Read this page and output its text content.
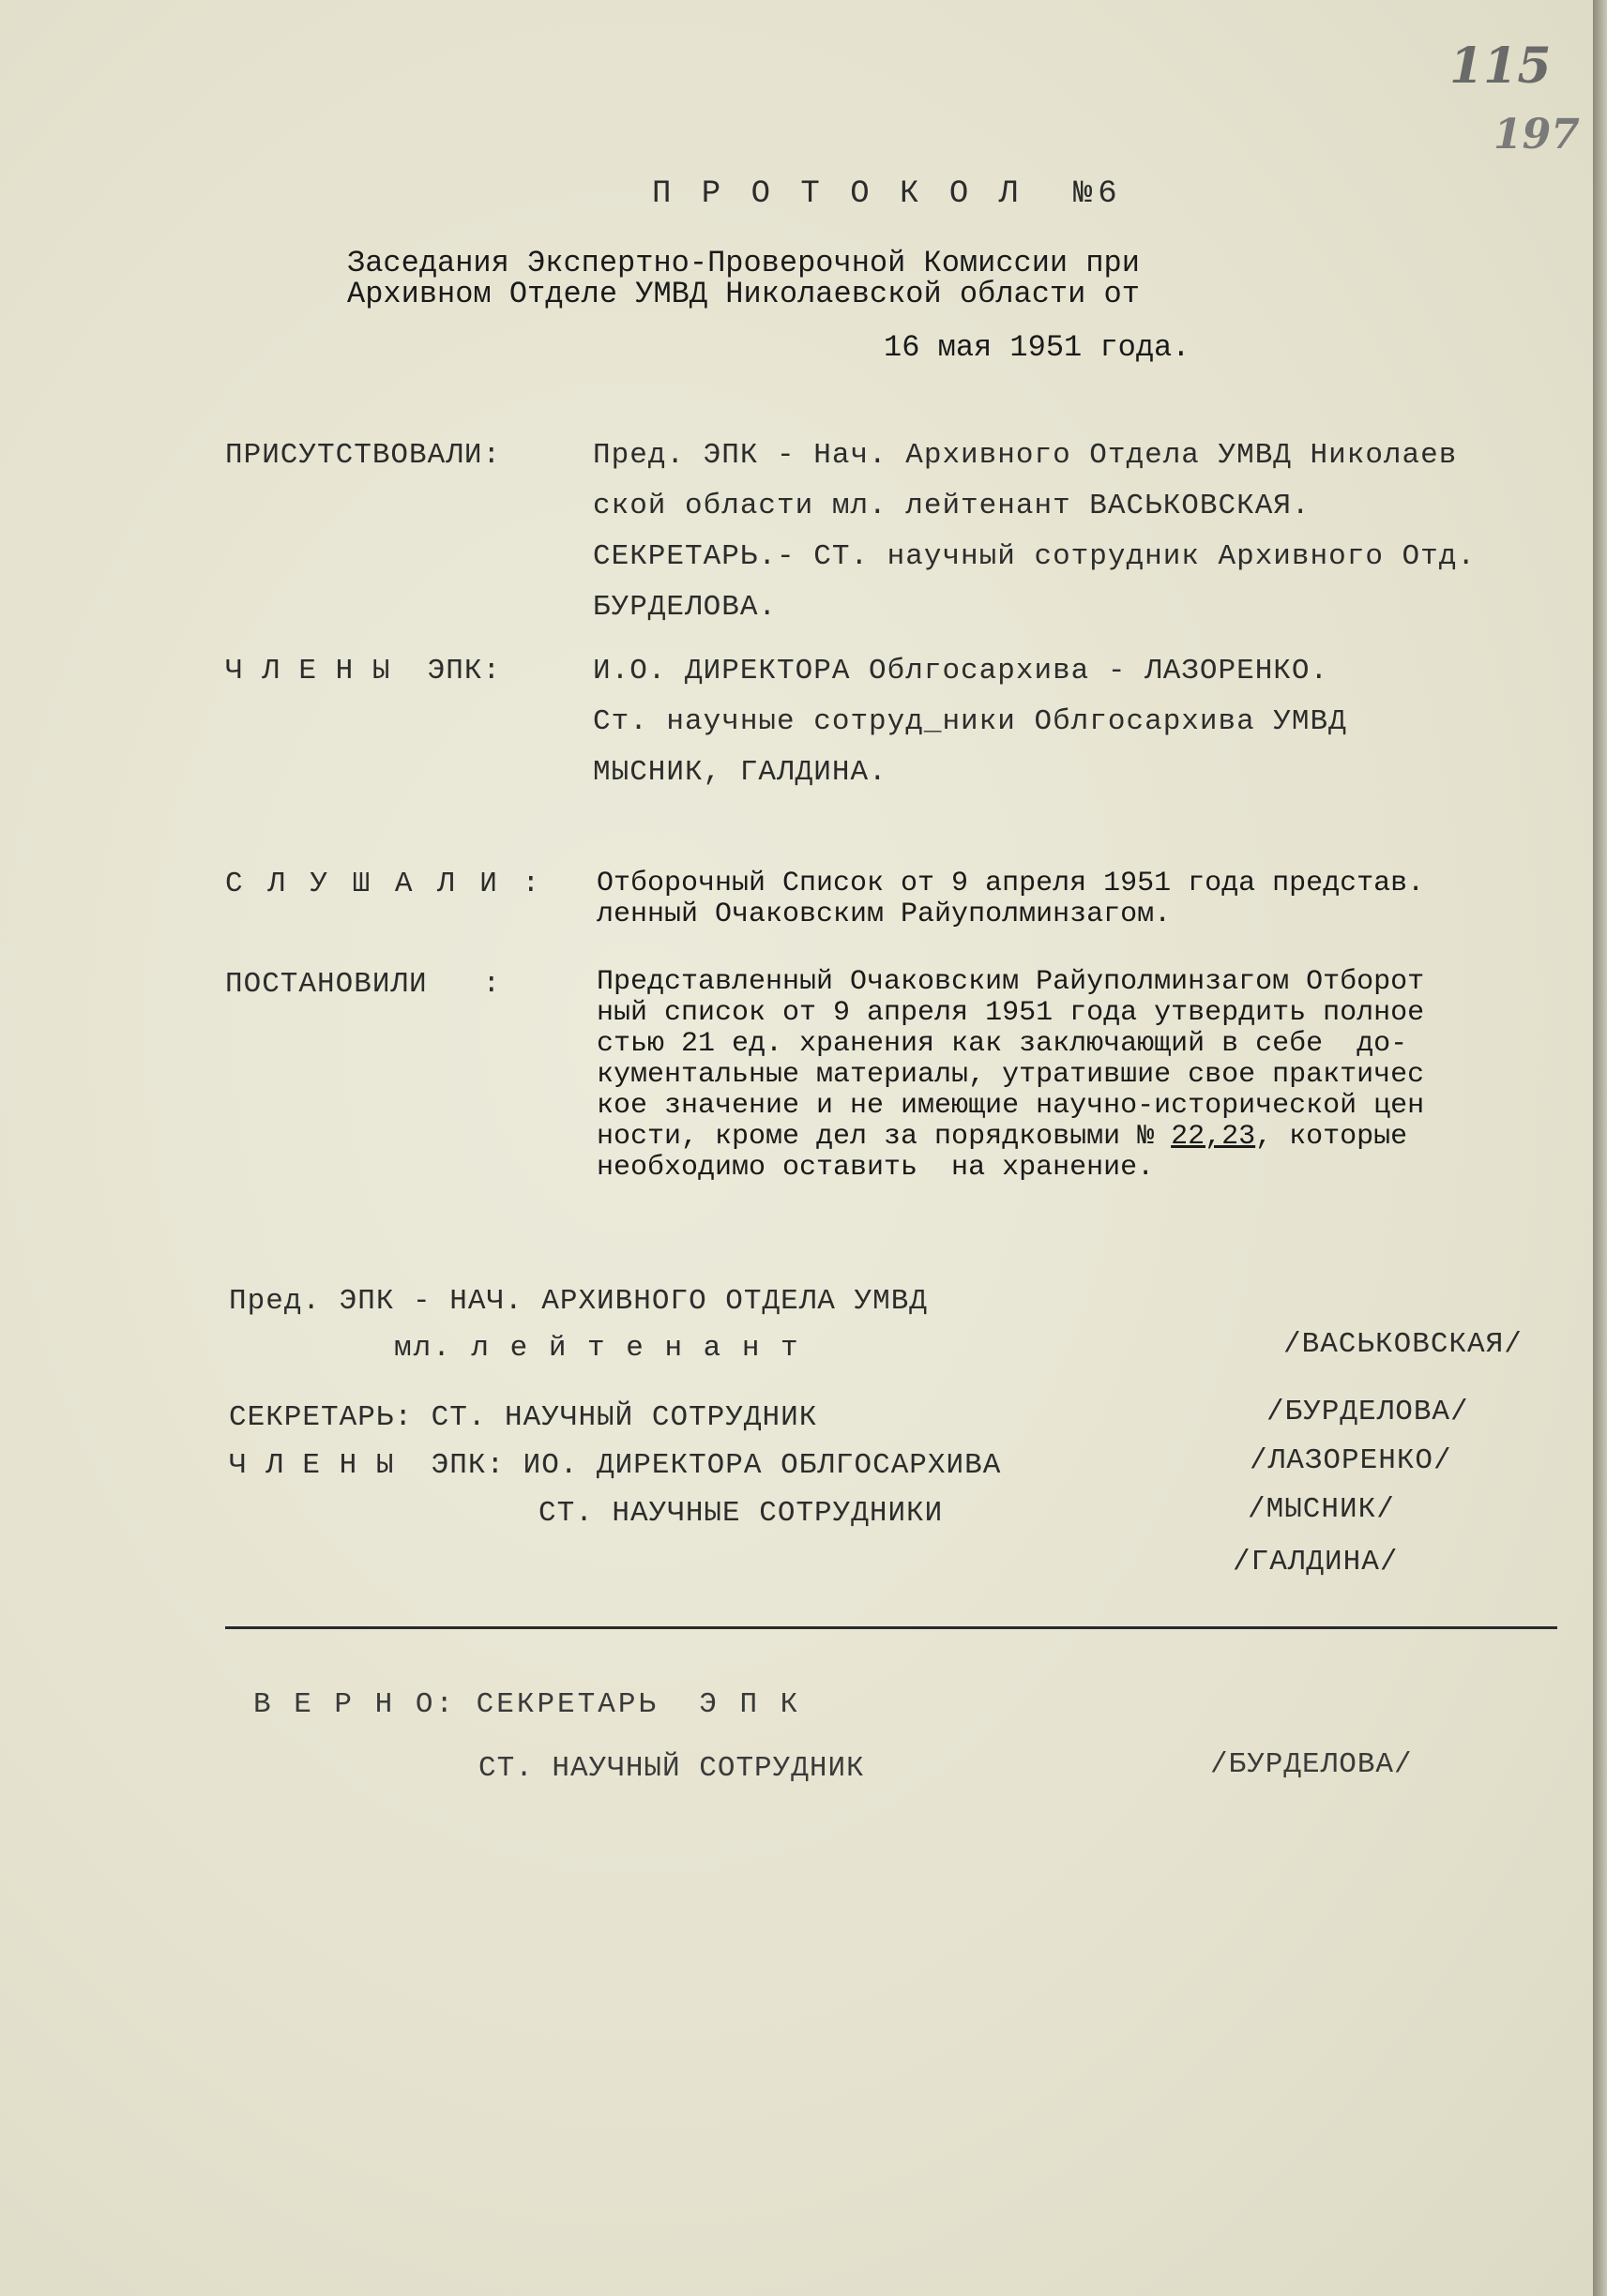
115
197
П Р О Т О К О Л  №6
Заседания Экспертно-Проверочной Комиссии при
Архивном Отделе УМВД Николаевской области от
16 мая 1951 года.
ПРИСУТСТВОВАЛИ:	Пред. ЭПК - Нач. Архивного Отдела УМВД Николаев
ской области мл. лейтенант ВАСЬКОВСКАЯ.
СЕКРЕТАРЬ.- СТ. научный сотрудник Архивного Отд.
БУРДЕЛОВА.
Ч Л Е Н Ы  ЭПК:	И.О. ДИРЕКТОРА Облгосархива - ЛАЗОРЕНКО.
Ст. научные сотруд_ники Облгосархива УМВД
МЫСНИК, ГАЛДИНА.
С Л У Ш А Л И : Отборочный Список от 9 апреля 1951 года представ.
ленный Очаковским Райуполминзагом.
ПОСТАНОВИЛИ   :	Представленный Очаковским Райуполминзагом Отборот
ный список от 9 апреля 1951 года утвердить полное
стью 21 ед. хранения как заключающий в себе  до-
кументальные материалы, утратившие свое практичес
кое значение и не имеющие научно-исторической цен
ности, кроме дел за порядковыми № 22,23, которые
необходимо оставить  на хранение.
Пред. ЭПК - НАЧ. АРХИВНОГО ОТДЕЛА УМВД
мл. л е й т е н а н т	/ВАСЬКОВСКАЯ/
СЕКРЕТАРЬ: СТ. НАУЧНЫЙ СОТРУДНИК	/БУРДЕЛОВА/
Ч Л Е Н Ы  ЭПК: ИО. ДИРЕКТОРА ОБЛГОСАРХИВА	/ЛАЗОРЕНКО/
СТ. НАУЧНЫЕ СОТРУДНИКИ	/МЫСНИК/
/ГАЛДИНА/
В Е Р Н О: СЕКРЕТАРЬ  Э П К
СТ. НАУЧНЫЙ СОТРУДНИК	/БУРДЕЛОВА/
